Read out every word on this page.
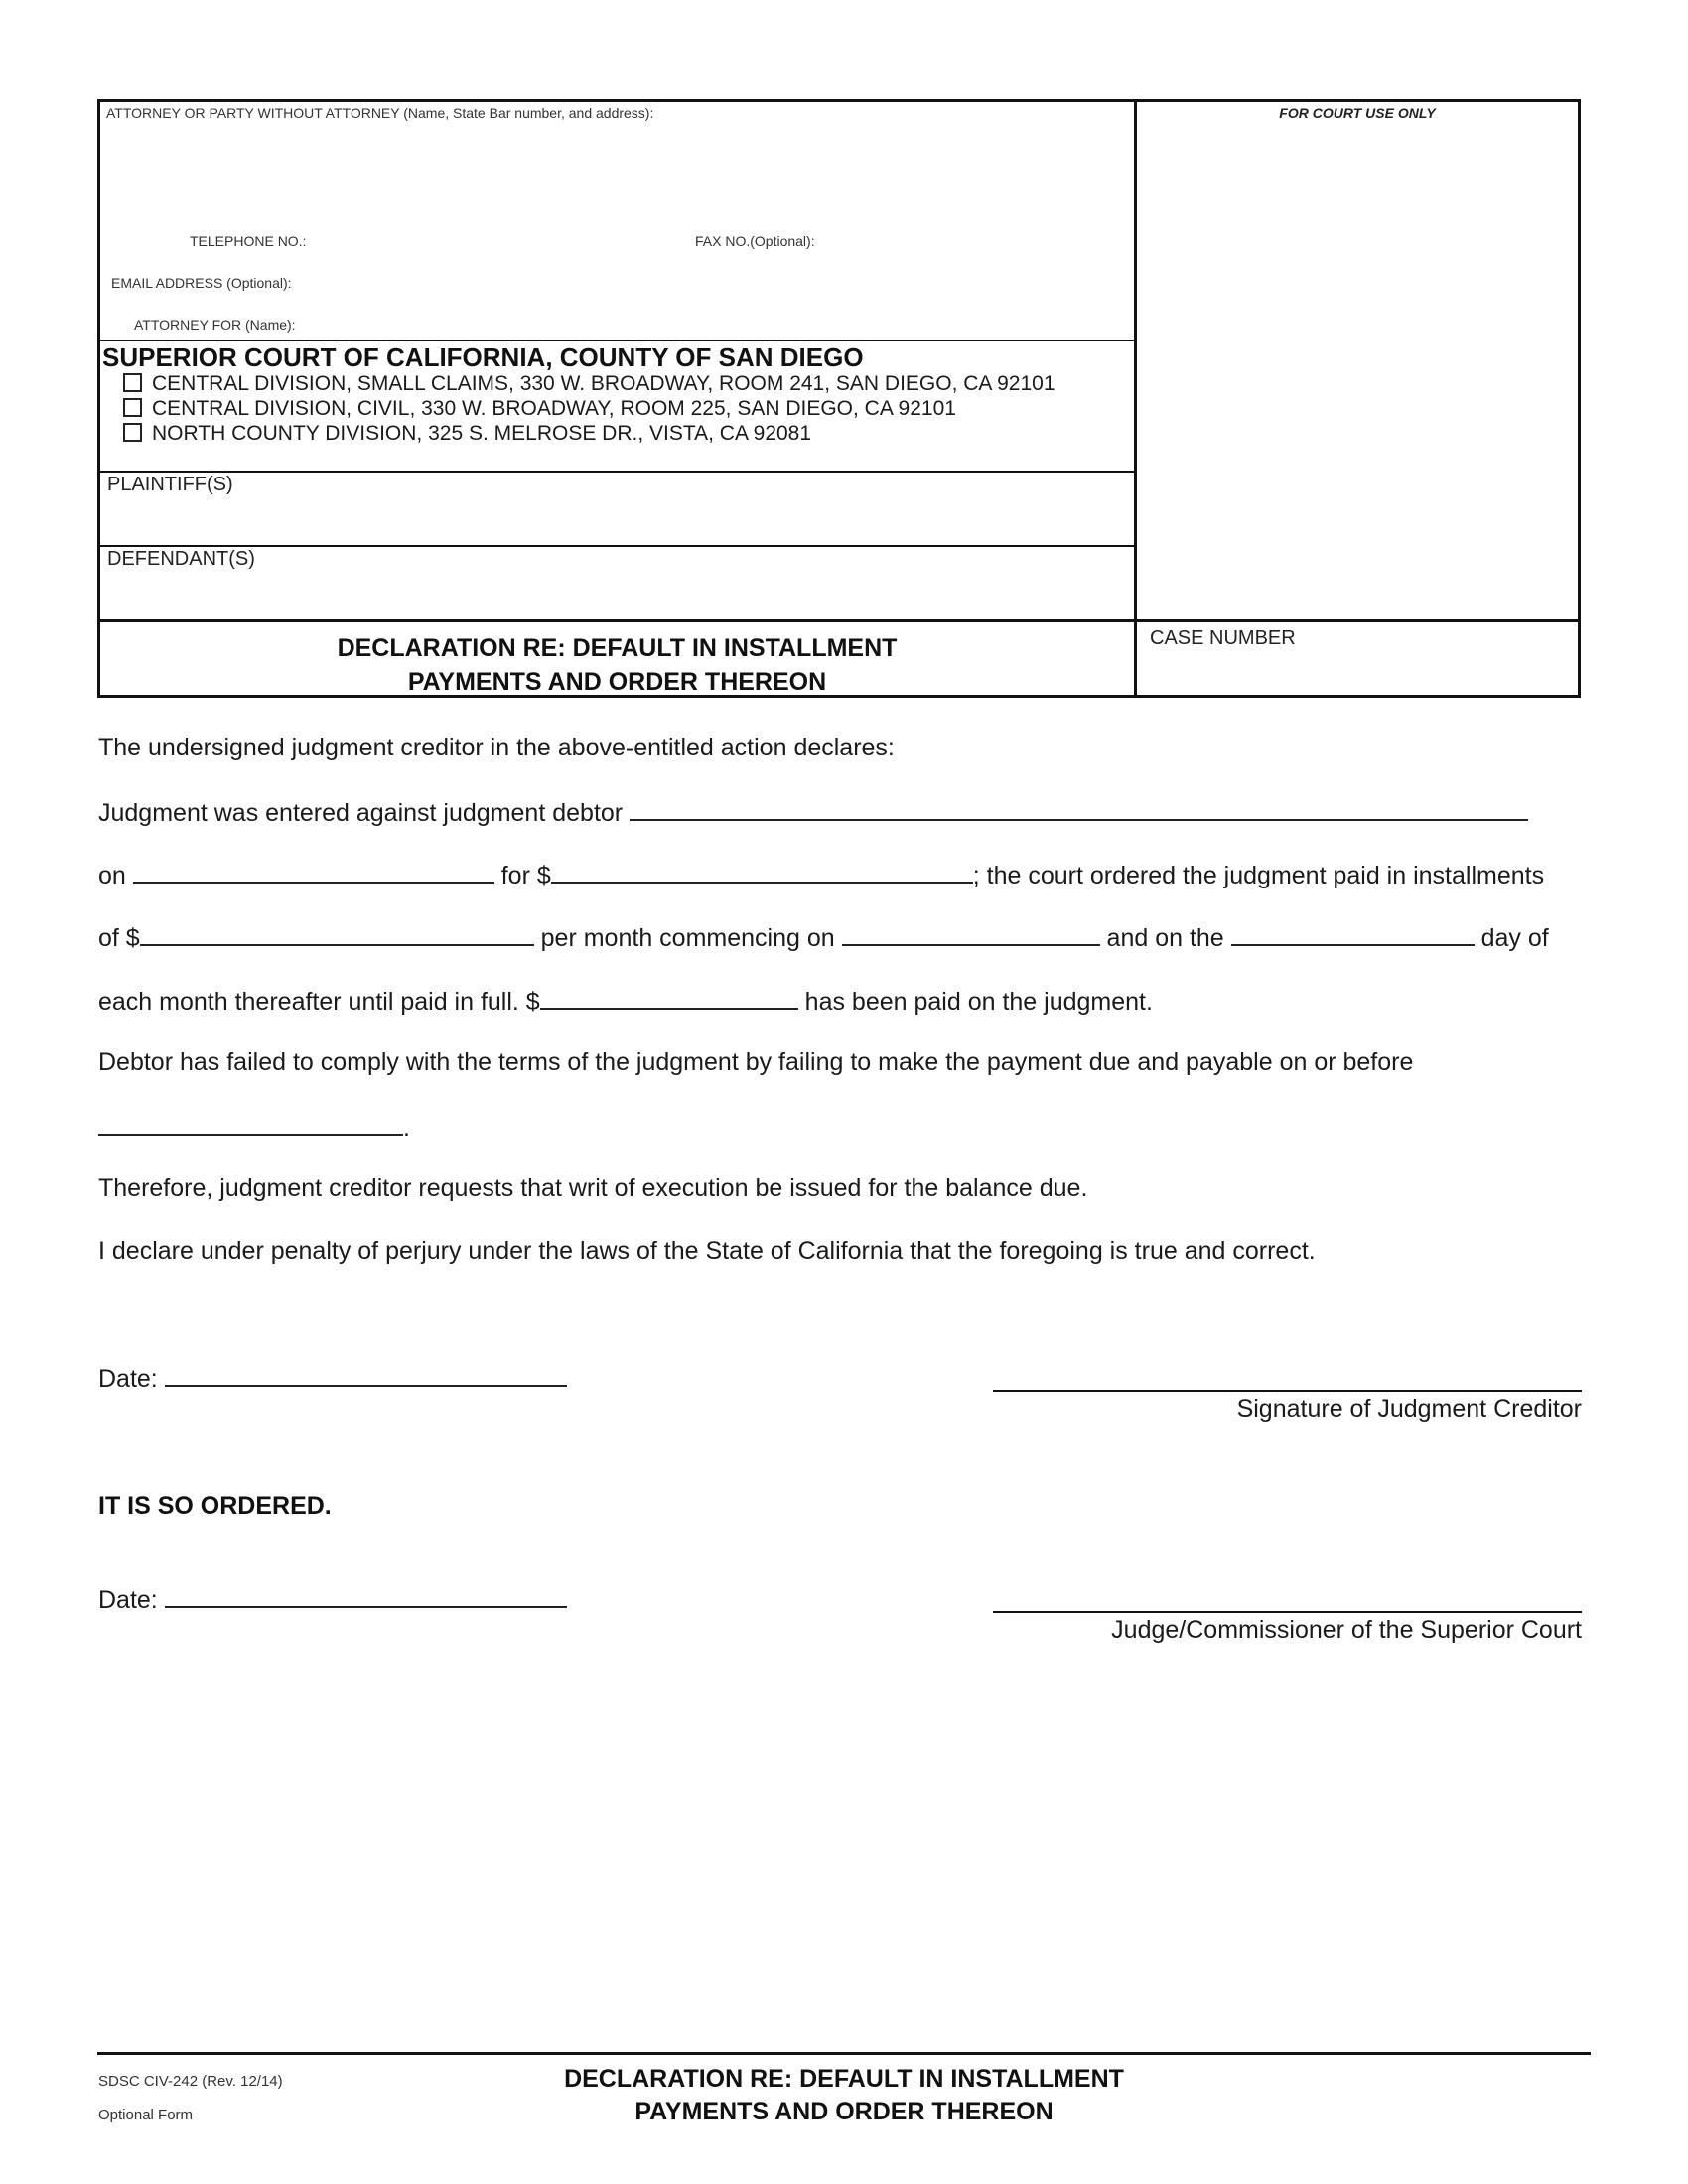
ATTORNEY OR PARTY WITHOUT ATTORNEY (Name, State Bar number, and address):	FOR COURT USE ONLY
TELEPHONE NO.:	FAX NO.(Optional):
EMAIL ADDRESS (Optional):
ATTORNEY FOR (Name):
SUPERIOR COURT OF CALIFORNIA, COUNTY OF SAN DIEGO
CENTRAL DIVISION, SMALL CLAIMS, 330 W. BROADWAY, ROOM 241, SAN DIEGO, CA 92101
CENTRAL DIVISION, CIVIL, 330 W. BROADWAY, ROOM 225, SAN DIEGO, CA 92101
NORTH COUNTY DIVISION, 325 S. MELROSE DR., VISTA, CA 92081
PLAINTIFF(S)
DEFENDANT(S)
DECLARATION RE: DEFAULT IN INSTALLMENT
PAYMENTS AND ORDER THEREON
CASE NUMBER
The undersigned judgment creditor in the above-entitled action declares:
Judgment was entered against judgment debtor
on	for $	; the court ordered the judgment paid in installments
of $	per month commencing on	and on the	day of
each month thereafter until paid in full. $	has been paid on the judgment.
Debtor has failed to comply with the terms of the judgment by failing to make the payment due and payable on or before
.
Therefore, judgment creditor requests that writ of execution be issued for the balance due.
I declare under penalty of perjury under the laws of the State of California that the foregoing is true and correct.
Date:
Signature of Judgment Creditor
IT IS SO ORDERED.
Date:
Judge/Commissioner of the Superior Court
SDSC CIV-242 (Rev. 12/14)
Optional Form
DECLARATION RE: DEFAULT IN INSTALLMENT
PAYMENTS AND ORDER THEREON
